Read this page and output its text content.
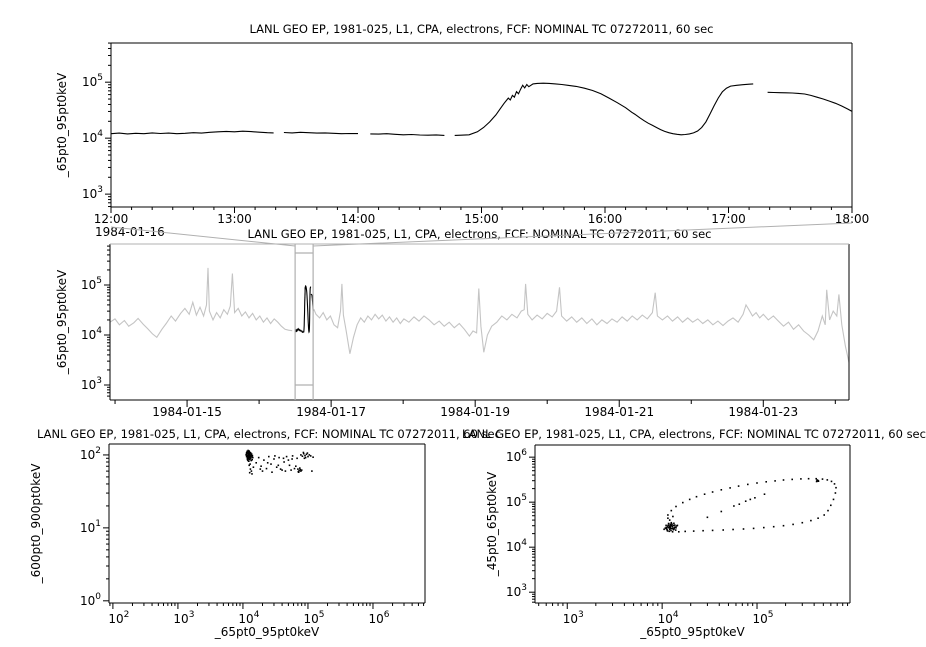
_65pt0_95pt0keV
LANL GEO EP, 1981-025, L1, CPA, electrons, FCF: NOMINAL TC 07272011, 60 sec
$10^3$
$10^4$
$10^5$
12:00	13:00	14:00	15:00	16:00	17:00	18:00
1984-01-16
_65pt0_95pt0keV
LANL GEO EP, 1981-025, L1, CPA, electrons, FCF: NOMINAL TC 07272011, 60 sec
$10^3$
$10^4$
$10^5$
1984-01-15	1984-01-17	1984-01-19	1984-01-21	1984-01-23
_600pt0_900pt0keV
_65pt0_95pt0keV
LANL GEO EP, 1981-025, L1, CPA, electrons, FCF: NOMINAL TC 07272011, 60 sec
$10^0$
$10^1$
$10^2$
$10^2$	$10^3$	$10^4$	$10^5$	$10^6$
_45pt0_65pt0keV
_65pt0_95pt0keV
LANL GEO EP, 1981-025, L1, CPA, electrons, FCF: NOMINAL TC 07272011, 60 sec
$10^3$
$10^4$
$10^5$
$10^6$
$10^3$	$10^4$	$10^5$
